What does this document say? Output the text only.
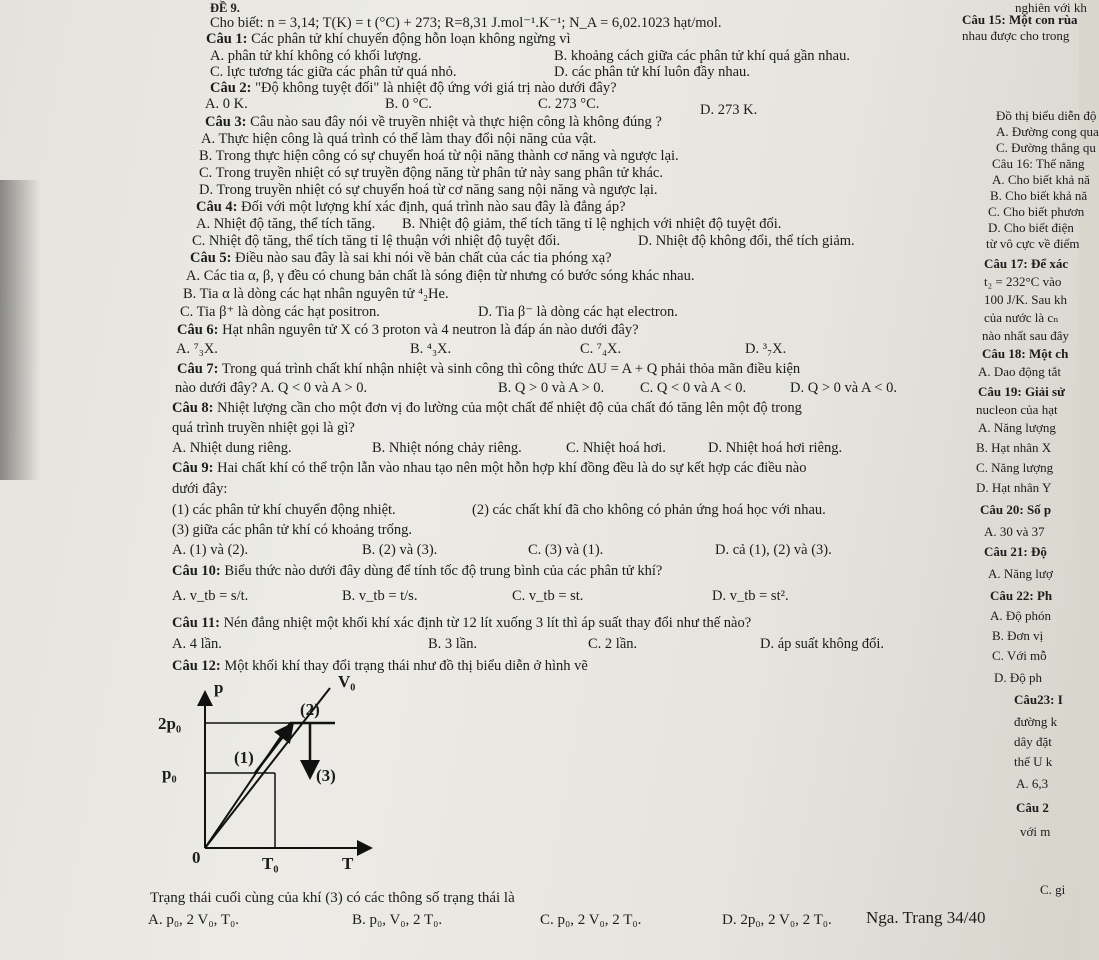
ĐỀ 9.
Cho biết: n = 3,14; T(K) = t (°C) + 273; R=8,31 J.mol⁻¹.K⁻¹; N_A = 6,02.1023 hạt/mol.
Câu 1: Các phân tử khí chuyển động hỗn loạn không ngừng vì
A. phân tử khí không có khối lượng.	B. khoảng cách giữa các phân tử khí quá gần nhau.
C. lực tương tác giữa các phân tử quá nhỏ.	D. các phân tử khí luôn đầy nhau.
Câu 2: "Độ không tuyệt đối" là nhiệt độ ứng với giá trị nào dưới đây?
A. 0 K.	B. 0 °C.	C. 273 °C.	D. 273 K.
Câu 3: Câu nào sau đây nói về truyền nhiệt và thực hiện công là không đúng ?
A. Thực hiện công là quá trình có thể làm thay đổi nội năng của vật.
B. Trong thực hiện công có sự chuyển hoá từ nội năng thành cơ năng và ngược lại.
C. Trong truyền nhiệt có sự truyền động năng từ phân tử này sang phân tử khác.
D. Trong truyền nhiệt có sự chuyển hoá từ cơ năng sang nội năng và ngược lại.
Câu 4: Đối với một lượng khí xác định, quá trình nào sau đây là đẳng áp?
A. Nhiệt độ tăng, thể tích tăng. B. Nhiệt độ giảm, thể tích tăng tỉ lệ nghịch với nhiệt độ tuyệt đối.
C. Nhiệt độ tăng, thể tích tăng tỉ lệ thuận với nhiệt độ tuyệt đối.	D. Nhiệt độ không đổi, thể tích giảm.
Câu 5: Điều nào sau đây là sai khi nói về bản chất của các tia phóng xạ?
A. Các tia α, β, γ đều có chung bản chất là sóng điện từ nhưng có bước sóng khác nhau.
B. Tia α là dòng các hạt nhân nguyên tử ⁴₂He.
C. Tia β⁺ là dòng các hạt positron.	D. Tia β⁻ là dòng các hạt electron.
Câu 6: Hạt nhân nguyên tử X có 3 proton và 4 neutron là đáp án nào dưới đây?
A. ⁷₃X.	B. ⁴₃X.	C. ⁷₄X.	D. ³₇X.
Câu 7: Trong quá trình chất khí nhận nhiệt và sinh công thì công thức ΔU = A + Q phải thỏa mãn điều kiện
nào dưới đây? A. Q < 0 và A > 0.	B. Q > 0 và A > 0. C. Q < 0 và A < 0.	D. Q > 0 và A < 0.
Câu 8: Nhiệt lượng cần cho một đơn vị đo lường của một chất để nhiệt độ của chất đó tăng lên một độ trong
quá trình truyền nhiệt gọi là gì?
A. Nhiệt dung riêng.	B. Nhiệt nóng chảy riêng.	C. Nhiệt hoá hơi.	D. Nhiệt hoá hơi riêng.
Câu 9: Hai chất khí có thể trộn lẫn vào nhau tạo nên một hỗn hợp khí đồng đều là do sự kết hợp các điều nào
dưới đây:
(1) các phân tử khí chuyển động nhiệt.	(2) các chất khí đã cho không có phản ứng hoá học với nhau.
(3) giữa các phân tử khí có khoảng trống.
A. (1) và (2).	B. (2) và (3).	C. (3) và (1).	D. cả (1), (2) và (3).
Câu 10: Biểu thức nào dưới đây dùng để tính tốc độ trung bình của các phân tử khí?
A. v_tb = s/t.	B. v_tb = t/s.	C. v_tb = st.	D. v_tb = st².
Câu 11: Nén đẳng nhiệt một khối khí xác định từ 12 lít xuống 3 lít thì áp suất thay đổi như thế nào?
A. 4 lần.	B. 3 lần.	C. 2 lần.	D. áp suất không đổi.
Câu 12: Một khối khí thay đổi trạng thái như đồ thị biểu diễn ở hình vẽ
p	V₀
2p₀
p₀
0	T₀	T
(1)
(2)
(3)
Trạng thái cuối cùng của khí (3) có các thông số trạng thái là
A. p₀, 2 V₀, T₀.	B. p₀, V₀, 2 T₀.	C. p₀, 2 V₀, 2 T₀.	D. 2p₀, 2 V₀, 2 T₀.
nghiên với kh
Câu 15: Một con rùa
nhau được cho trong
Đồ thị biểu diễn độ
A. Đường cong qua
C. Đường thẳng qu
Câu 16: Thế năng
A. Cho biết khả nă
B. Cho biết khả nă
C. Cho biết phươn
D. Cho biết điện
từ vô cực về điểm
Câu 17: Để xác
t₂ = 232°C vào
100 J/K. Sau kh
của nước là cₙ
nào nhất sau đây
Câu 18: Một ch
A. Dao động tắt
Câu 19: Giải sử
nucleon của hạt
A. Năng lượng
B. Hạt nhân X
C. Năng lượng
D. Hạt nhân Y
Câu 20: Số p
A. 30 và 37
Câu 21: Độ
A. Năng lượ
Câu 22: Ph
A. Độ phón
B. Đơn vị
C. Với mỗ
D. Độ ph
Câu23: I
đường k
dây đặt
thế U k
A. 6,3
Câu 2
với m
C. gi
Nga. Trang 34/40
